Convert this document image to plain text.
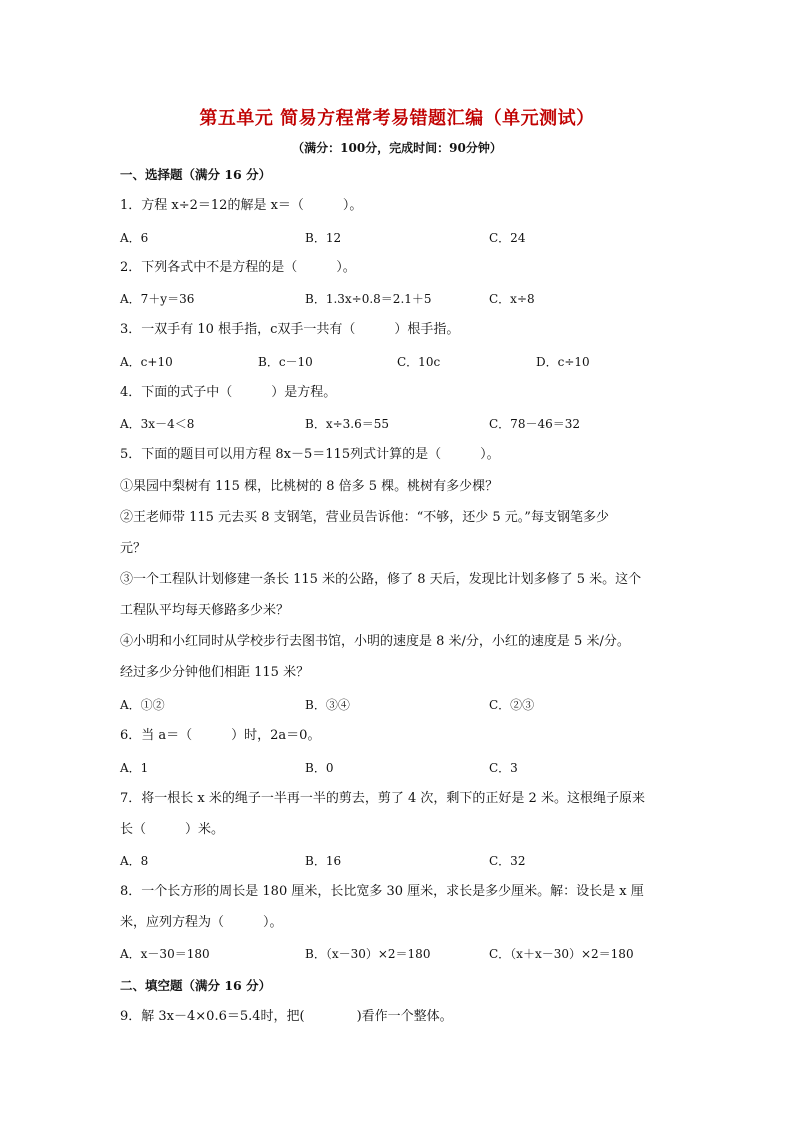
第五单元 简易方程常考易错题汇编（单元测试）
（满分：100分，完成时间：90分钟）
一、选择题（满分 16 分）
1．方程 x÷2＝12的解是 x＝（　　　）。
A．6	B．12	C．24
2．下列各式中不是方程的是（　　　）。
A．7＋y＝36	B．1.3x÷0.8＝2.1＋5	C．x÷8
3．一双手有 10 根手指，c双手一共有（　　　）根手指。
A．c+10	B．c－10	C．10c	D．c÷10
4．下面的式子中（　　　）是方程。
A．3x－4＜8	B．x÷3.6＝55	C．78－46＝32
5．下面的题目可以用方程 8x－5＝115列式计算的是（　　　）。
①果园中梨树有 115 棵，比桃树的 8 倍多 5 棵。桃树有多少棵？
②王老师带 115 元去买 8 支钢笔，营业员告诉他：“不够，还少 5 元。”每支钢笔多少
元？
③一个工程队计划修建一条长 115 米的公路，修了 8 天后，发现比计划多修了 5 米。这个
工程队平均每天修路多少米？
④小明和小红同时从学校步行去图书馆，小明的速度是 8 米/分，小红的速度是 5 米/分。
经过多少分钟他们相距 115 米？
A．①②	B．③④	C．②③
6．当 a＝（　　　）时，2a＝0。
A．1	B．0	C．3
7．将一根长 x 米的绳子一半再一半的剪去，剪了 4 次，剩下的正好是 2 米。这根绳子原来
长（　　　）米。
A．8	B．16	C．32
8．一个长方形的周长是 180 厘米，长比宽多 30 厘米，求长是多少厘米。解：设长是 x 厘
米，应列方程为（　　　）。
A．x－30＝180	B．（x－30）×2＝180	C．（x＋x－30）×2＝180
二、填空题（满分 16 分）
9．解 3x－4×0.6＝5.4时，把(　　　　)看作一个整体。
